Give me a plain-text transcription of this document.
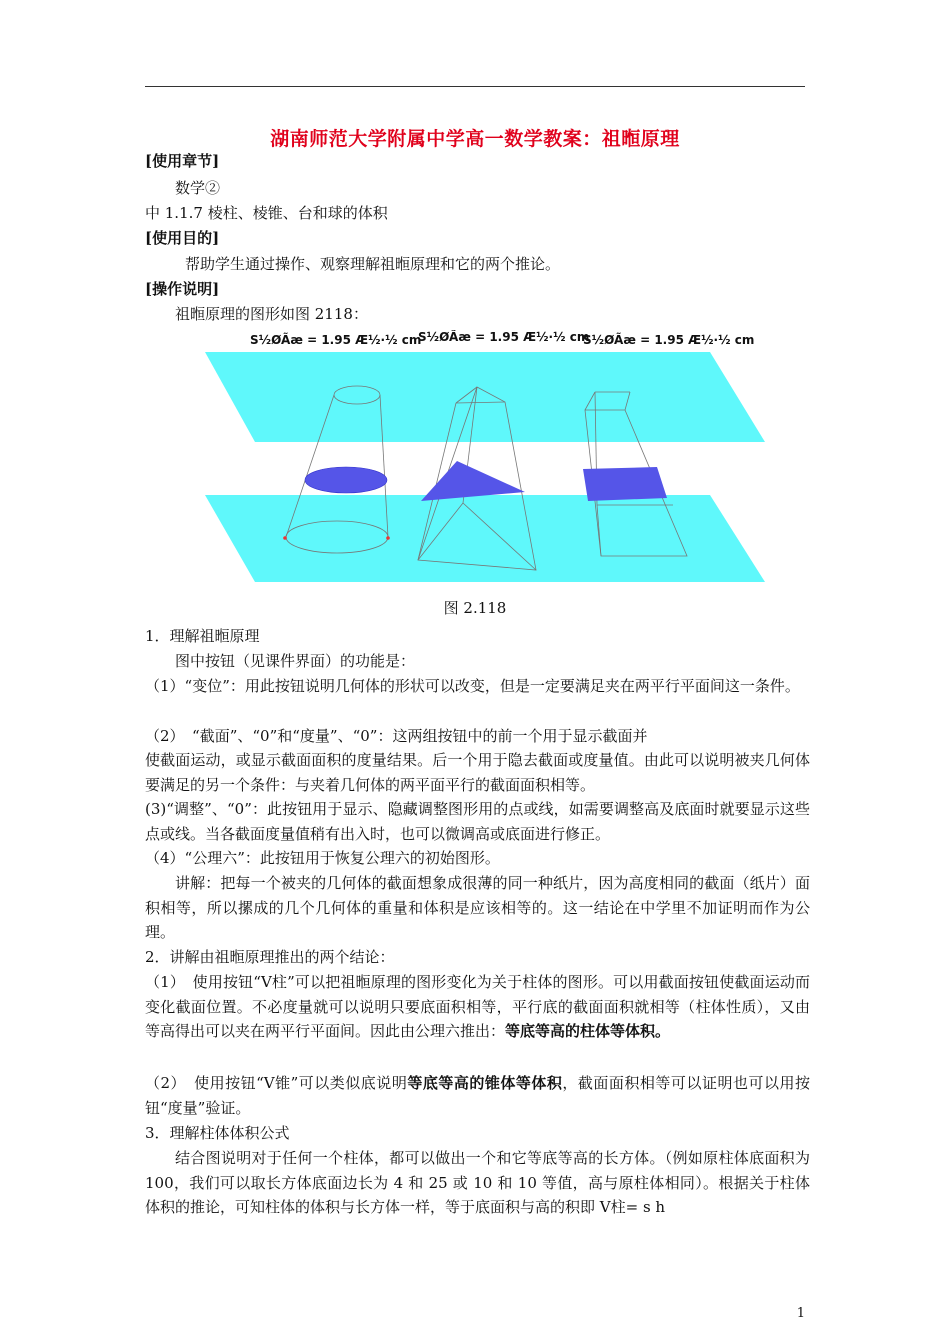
湖南师范大学附属中学高一数学教案：祖暅原理
[使用章节]
数学②
中 1.1.7 棱柱、棱锥、台和球的体积
[使用目的]
帮助学生通过操作、观察理解祖暅原理和它的两个推论。
[操作说明]
祖暅原理的图形如图 2118：
S½ØÃæ = 1.95 Æ½·½ cm
S½ØÃæ = 1.95 Æ½·½ cm
S½ØÃæ = 1.95 Æ½·½ cm
图 2.118
1．理解祖暅原理
图中按钮（见课件界面）的功能是：
（1）“变位”：用此按钮说明几何体的形状可以改变，但是一定要满足夹在两平行平面间这一条件。
（2）　“截面”、“0”和“度量”、“0”：这两组按钮中的前一个用于显示截面并
使截面运动，或显示截面面积的度量结果。后一个用于隐去截面或度量值。由此可以说明被夹几何体要满足的另一个条件：与夹着几何体的两平面平行的截面面积相等。
(3)“调整”、“0”：此按钮用于显示、隐藏调整图形用的点或线，如需要调整高及底面时就要显示这些点或线。当各截面度量值稍有出入时，也可以微调高或底面进行修正。
（4）“公理六”：此按钮用于恢复公理六的初始图形。
讲解：把每一个被夹的几何体的截面想象成很薄的同一种纸片，因为高度相同的截面（纸片）面积相等，所以摞成的几个几何体的重量和体积是应该相等的。这一结论在中学里不加证明而作为公理。
2．讲解由祖暅原理推出的两个结论：
（1）　使用按钮“V柱”可以把祖暅原理的图形变化为关于柱体的图形。可以用截面按钮使截面运动而变化截面位置。不必度量就可以说明只要底面积相等，平行底的截面面积就相等（柱体性质），又由等高得出可以夹在两平行平面间。因此由公理六推出：等底等高的柱体等体积。
（2）　使用按钮“V锥”可以类似底说明等底等高的锥体等体积，截面面积相等可以证明也可以用按钮“度量”验证。
3．理解柱体体积公式
结合图说明对于任何一个柱体，都可以做出一个和它等底等高的长方体。（例如原柱体底面积为 100，我们可以取长方体底面边长为 4 和 25 或 10 和 10 等值，高与原柱体相同）。根据关于柱体体积的推论，可知柱体的体积与长方体一样，等于底面积与高的积即 V柱= s h
1
